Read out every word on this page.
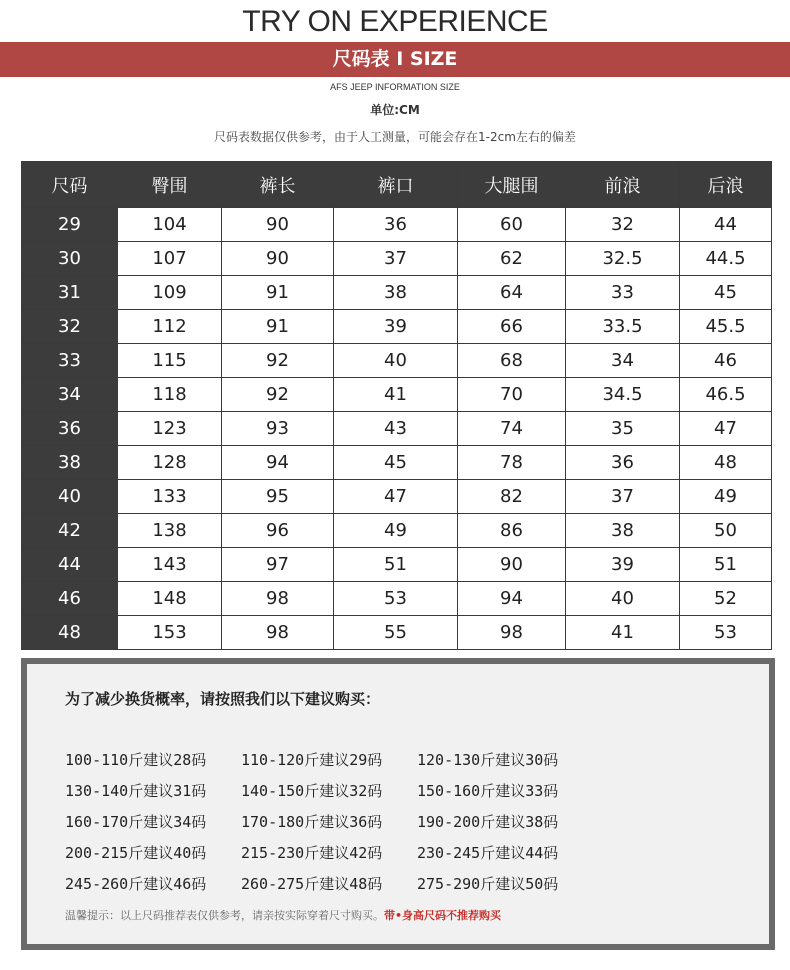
TRY ON EXPERIENCE
尺码表 I SIZE
AFS JEEP INFORMATION SIZE
单位:CM
尺码表数据仅供参考，由于人工测量，可能会存在1-2cm左右的偏差
尺码	臀围	裤长	裤口	大腿围	前浪	后浪
29	104	90	36	60	32	44
30	107	90	37	62	32.5	44.5
31	109	91	38	64	33	45
32	112	91	39	66	33.5	45.5
33	115	92	40	68	34	46
34	118	92	41	70	34.5	46.5
36	123	93	43	74	35	47
38	128	94	45	78	36	48
40	133	95	47	82	37	49
42	138	96	49	86	38	50
44	143	97	51	90	39	51
46	148	98	53	94	40	52
48	153	98	55	98	41	53
为了减少换货概率，请按照我们以下建议购买：
100-110斤建议28码	110-120斤建议29码	120-130斤建议30码
130-140斤建议31码	140-150斤建议32码	150-160斤建议33码
160-170斤建议34码	170-180斤建议36码	190-200斤建议38码
200-215斤建议40码	215-230斤建议42码	230-245斤建议44码
245-260斤建议46码	260-275斤建议48码	275-290斤建议50码
温馨提示：以上尺码推荐表仅供参考，请亲按实际穿着尺寸购买。带•身高尺码不推荐购买
